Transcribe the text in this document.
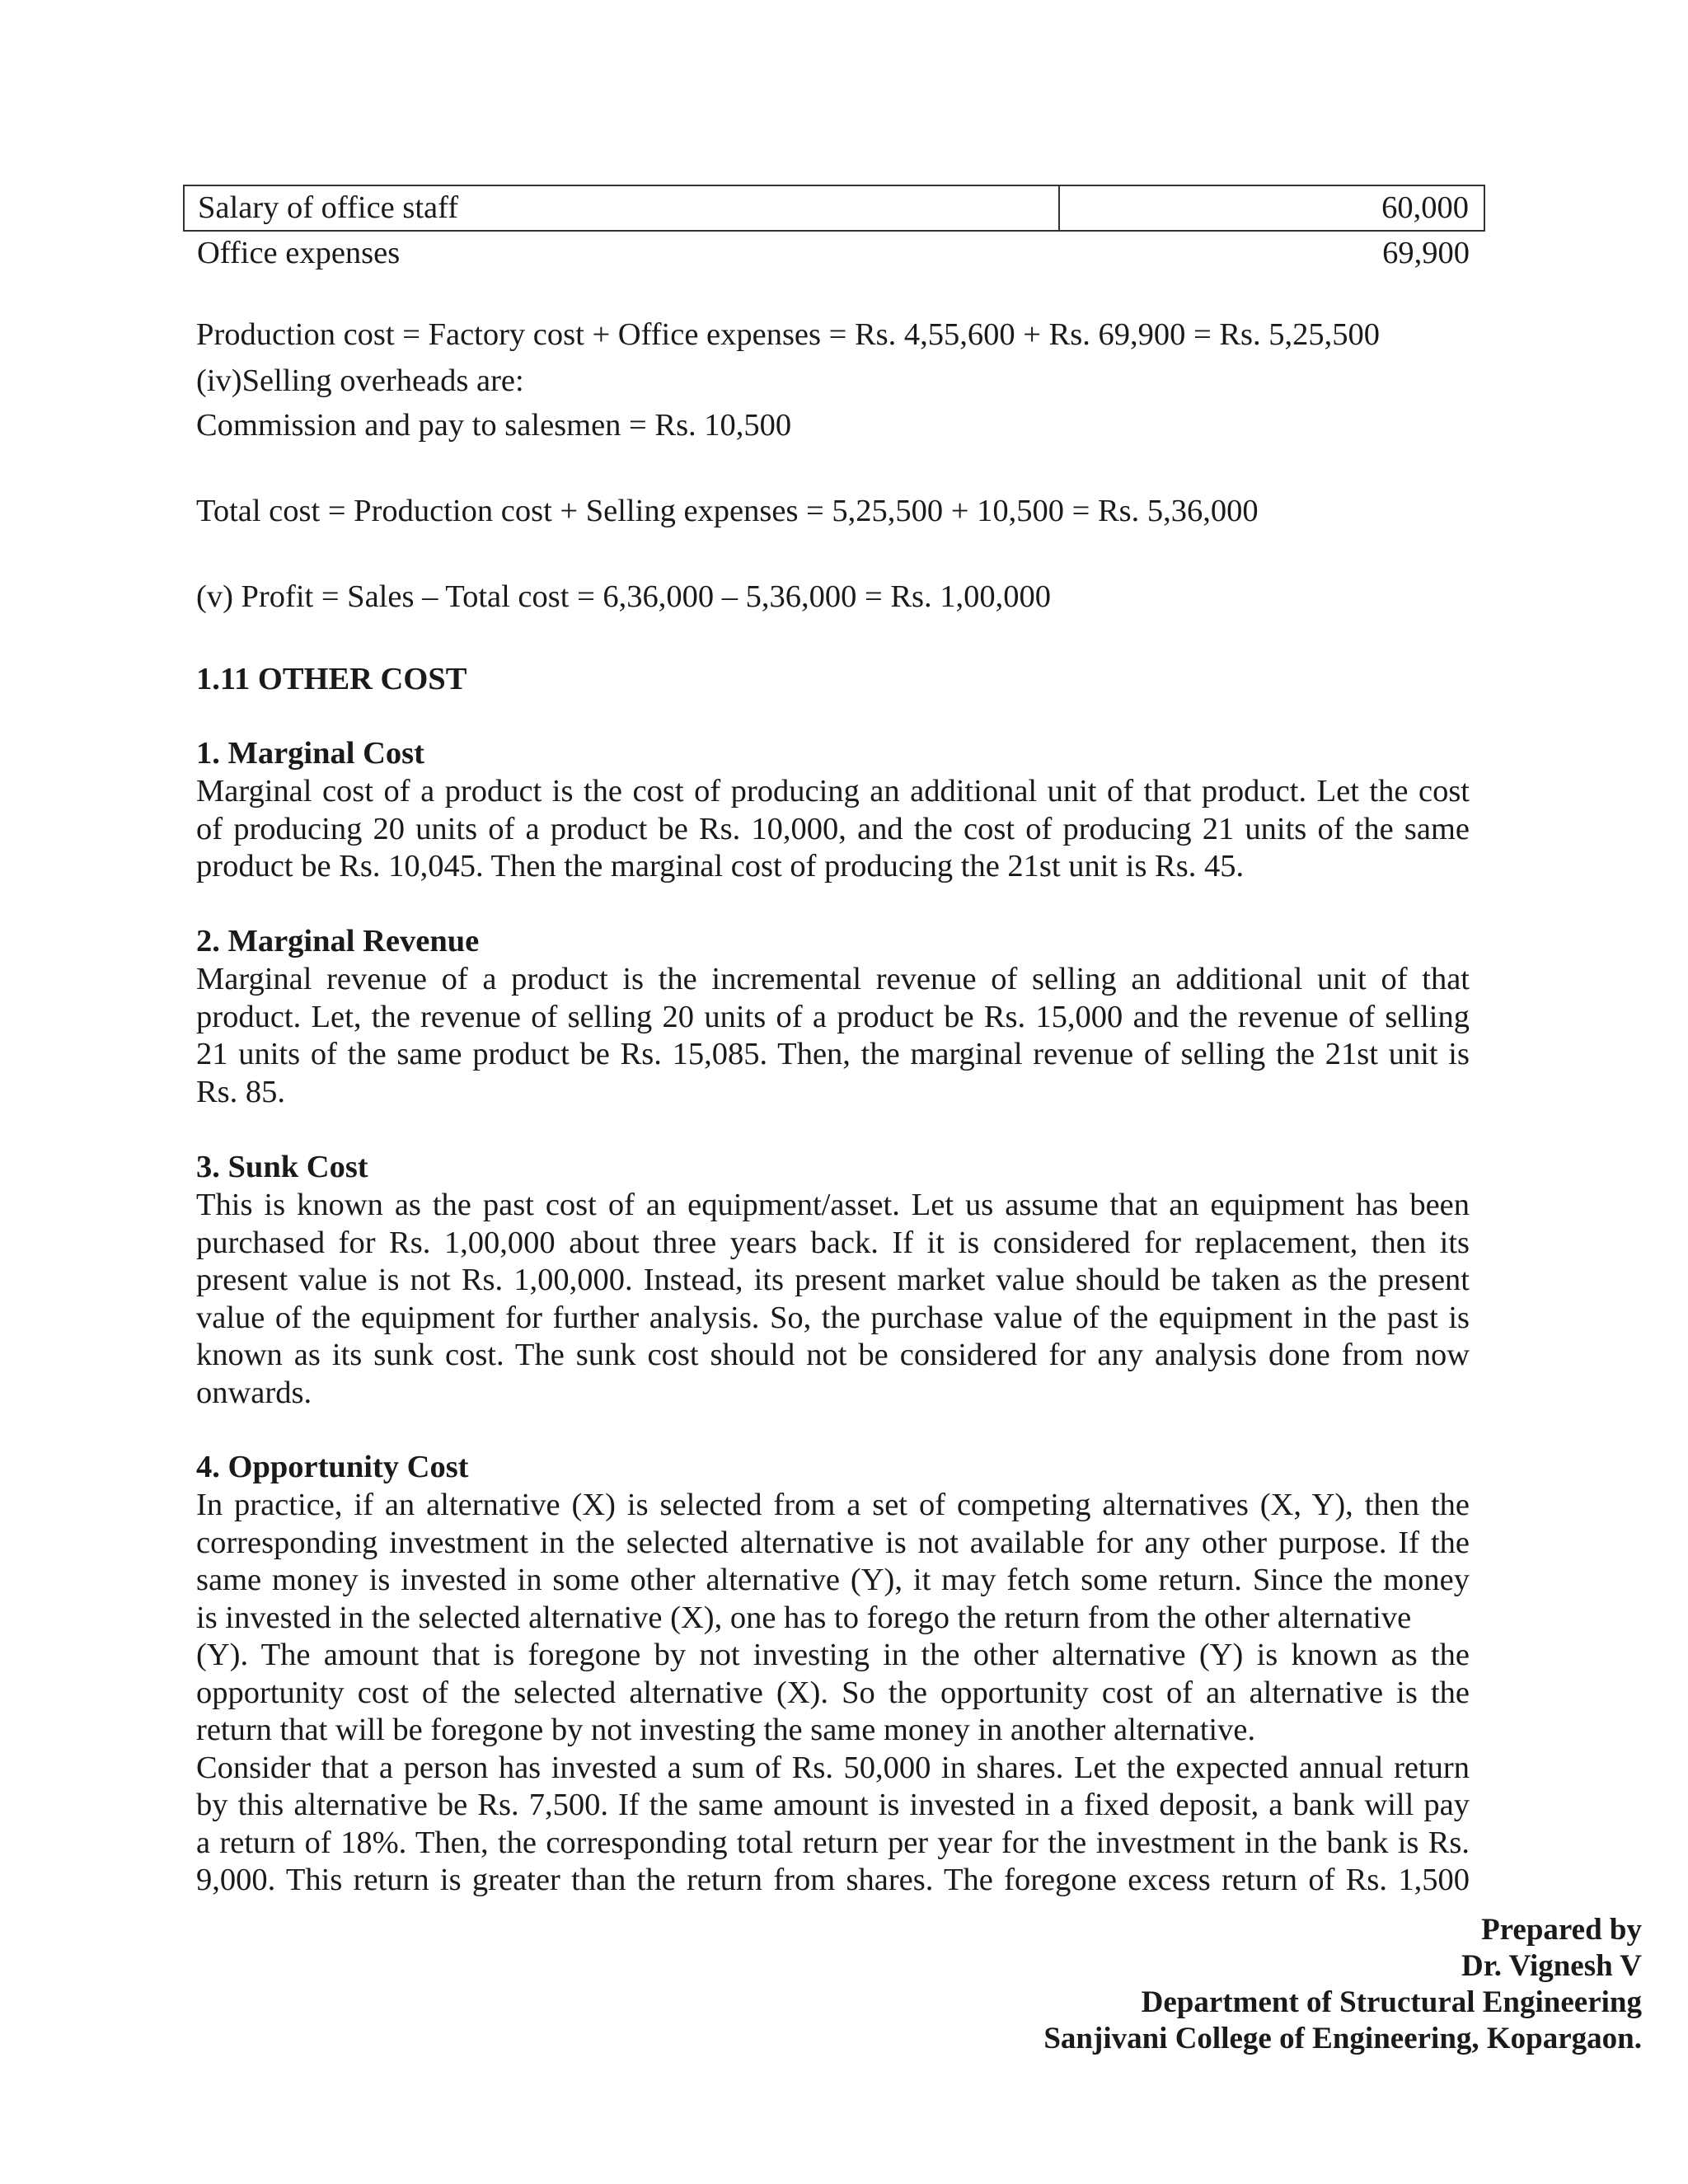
Salary of office staff	60,000
Office expenses	69,900
Production cost = Factory cost + Office expenses = Rs. 4,55,600 + Rs. 69,900 = Rs. 5,25,500
(iv)Selling overheads are:
Commission and pay to salesmen = Rs. 10,500
Total cost = Production cost + Selling expenses = 5,25,500 + 10,500 = Rs. 5,36,000
(v) Profit = Sales – Total cost = 6,36,000 – 5,36,000 = Rs. 1,00,000
1.11 OTHER COST
1. Marginal Cost
Marginal cost of a product is the cost of producing an additional unit of that product. Let the cost
of producing 20 units of a product be Rs. 10,000, and the cost of producing 21 units of the same
product be Rs. 10,045. Then the marginal cost of producing the 21st unit is Rs. 45.
2. Marginal Revenue
Marginal revenue of a product is the incremental revenue of selling an additional unit of that
product. Let, the revenue of selling 20 units of a product be Rs. 15,000 and the revenue of selling
21 units of the same product be Rs. 15,085. Then, the marginal revenue of selling the 21st unit is
Rs. 85.
3. Sunk Cost
This is known as the past cost of an equipment/asset. Let us assume that an equipment has been
purchased for Rs. 1,00,000 about three years back. If it is considered for replacement, then its
present value is not Rs. 1,00,000. Instead, its present market value should be taken as the present
value of the equipment for further analysis. So, the purchase value of the equipment in the past is
known as its sunk cost. The sunk cost should not be considered for any analysis done from now
onwards.
4. Opportunity Cost
In practice, if an alternative (X) is selected from a set of competing alternatives (X, Y), then the
corresponding investment in the selected alternative is not available for any other purpose. If the
same money is invested in some other alternative (Y), it may fetch some return. Since the money
is invested in the selected alternative (X), one has to forego the return from the other alternative
(Y). The amount that is foregone by not investing in the other alternative (Y) is known as the
opportunity cost of the selected alternative (X). So the opportunity cost of an alternative is the
return that will be foregone by not investing the same money in another alternative.
Consider that a person has invested a sum of Rs. 50,000 in shares. Let the expected annual return
by this alternative be Rs. 7,500. If the same amount is invested in a fixed deposit, a bank will pay
a return of 18%. Then, the corresponding total return per year for the investment in the bank is Rs.
9,000. This return is greater than the return from shares. The foregone excess return of Rs. 1,500
Prepared by
Dr. Vignesh V
Department of Structural Engineering
Sanjivani College of Engineering, Kopargaon.
